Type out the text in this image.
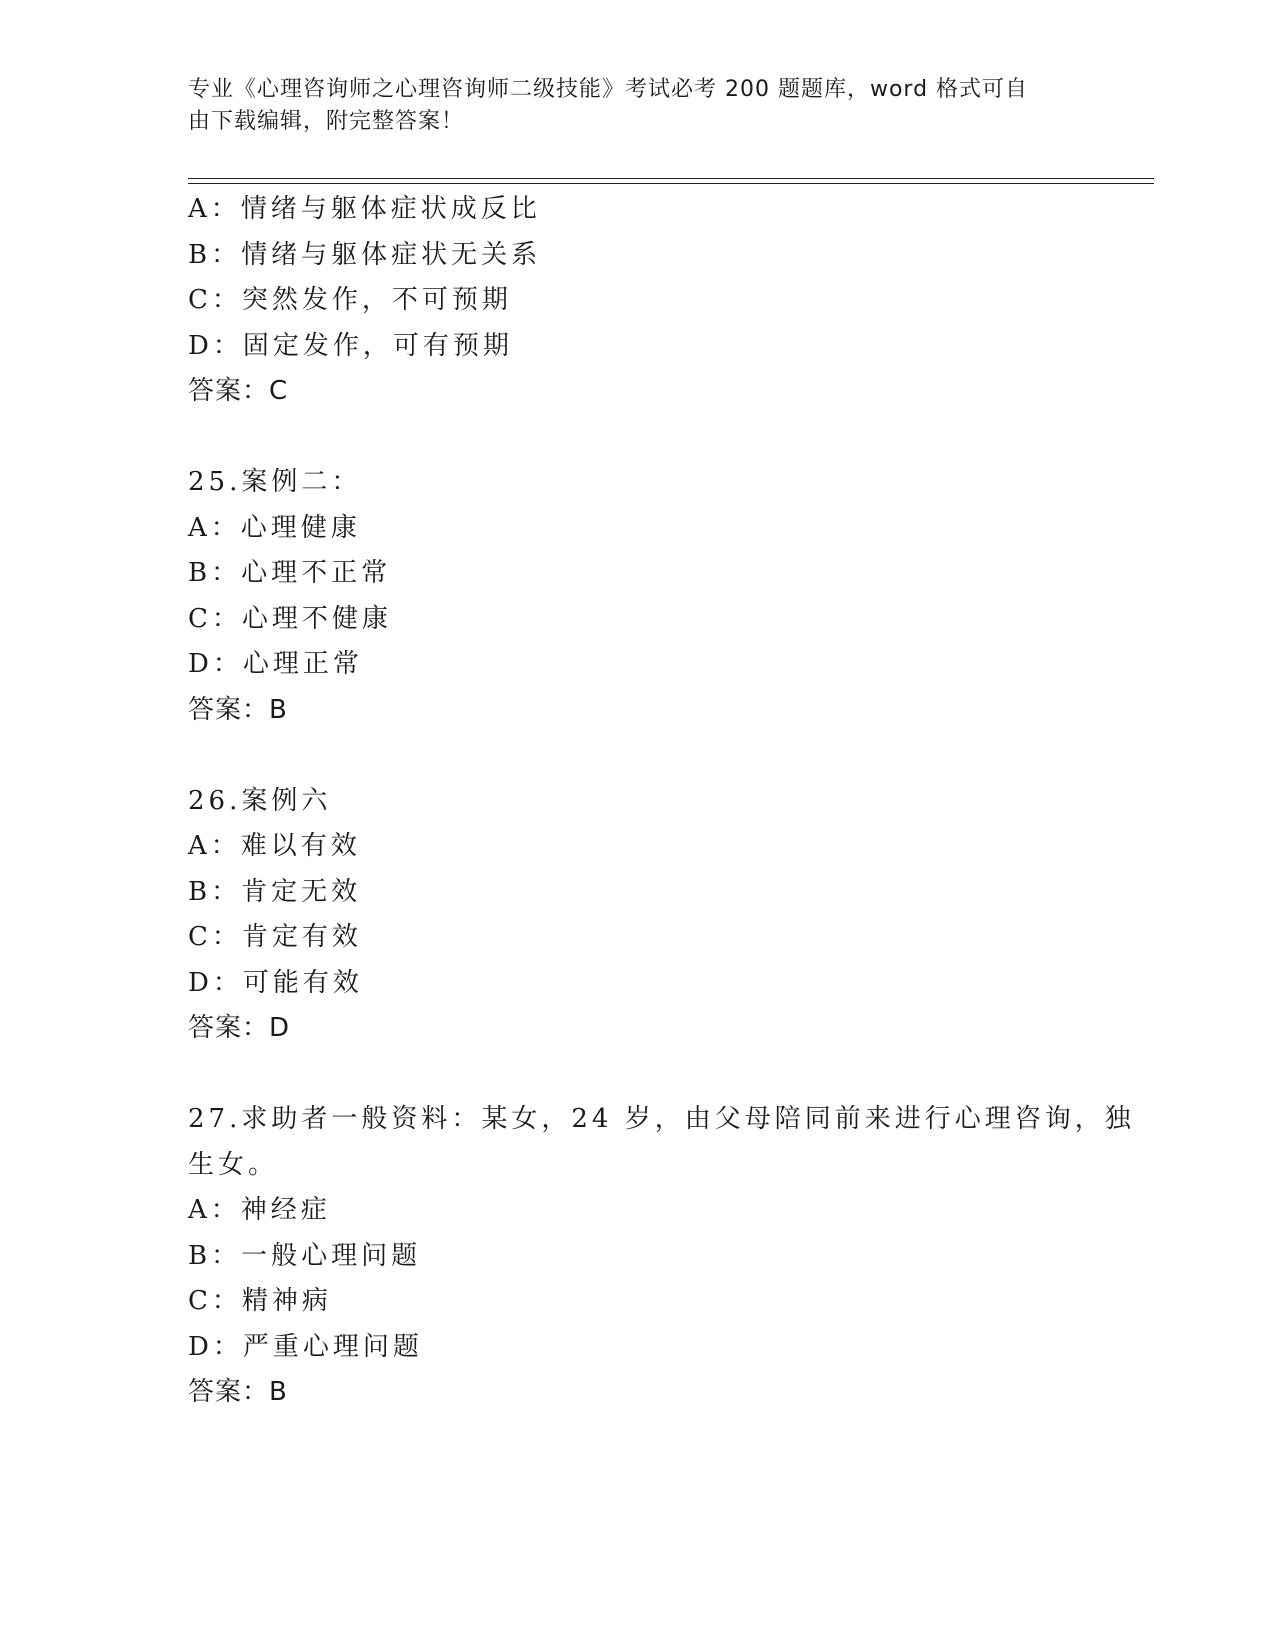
专业《心理咨询师之心理咨询师二级技能》考试必考 200 题题库，word 格式可自
由下载编辑，附完整答案！
A：情绪与躯体症状成反比
B：情绪与躯体症状无关系
C：突然发作，不可预期
D：固定发作，可有预期
答案：C
25.案例二：
A：心理健康
B：心理不正常
C：心理不健康
D：心理正常
答案：B
26.案例六
A：难以有效
B：肯定无效
C：肯定有效
D：可能有效
答案：D
27.求助者一般资料：某女，24 岁，由父母陪同前来进行心理咨询，独
生女。
A：神经症
B：一般心理问题
C：精神病
D：严重心理问题
答案：B
